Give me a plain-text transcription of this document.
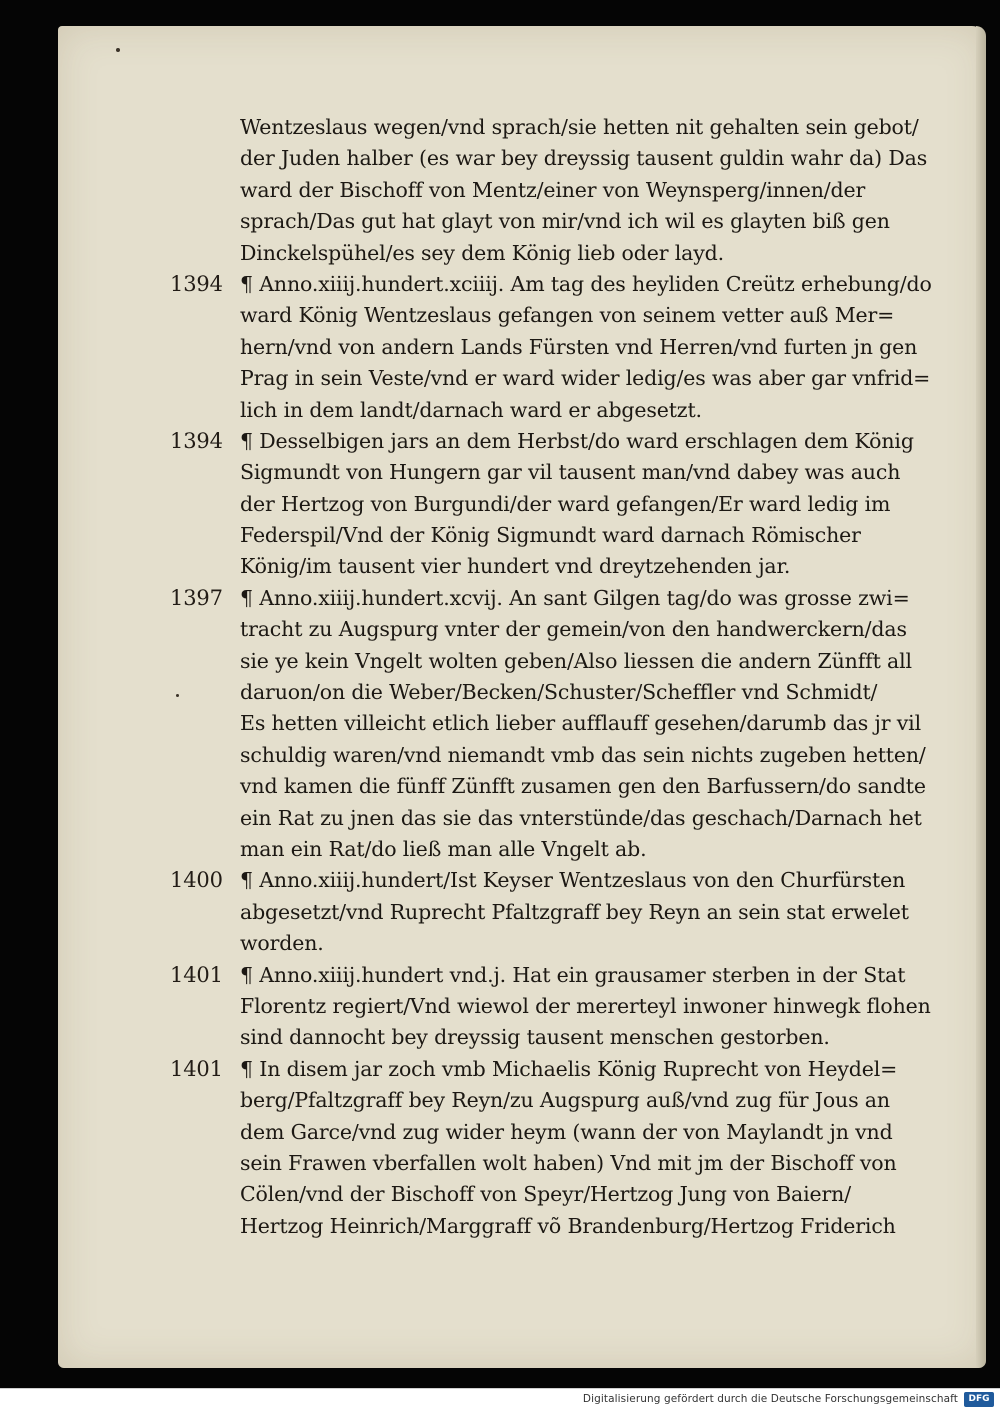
Wentzeslaus wegen/vnd sprach/sie hetten nit gehalten sein gebot/
der Juden halber (es war bey dreyssig tausent guldin wahr da) Das
ward der Bischoff von Mentz/einer von Weynsperg/innen/der
sprach/Das gut hat glayt von mir/vnd ich wil es glayten biß gen
Dinckelspühel/es sey dem König lieb oder layd.
1394 ¶ Anno.xiiij.hundert.xciiij. Am tag des heyliden Creütz erhebung/do
ward König Wentzeslaus gefangen von seinem vetter auß Mer=
hern/vnd von andern Lands Fürsten vnd Herren/vnd furten jn gen
Prag in sein Veste/vnd er ward wider ledig/es was aber gar vnfrid=
lich in dem landt/darnach ward er abgesetzt.
1394 ¶ Desselbigen jars an dem Herbst/do ward erschlagen dem König
Sigmundt von Hungern gar vil tausent man/vnd dabey was auch
der Hertzog von Burgundi/der ward gefangen/Er ward ledig im
Federspil/Vnd der König Sigmundt ward darnach Römischer
König/im tausent vier hundert vnd dreytzehenden jar.
1397 ¶ Anno.xiiij.hundert.xcvij. An sant Gilgen tag/do was grosse zwi=
tracht zu Augspurg vnter der gemein/von den handwerckern/das
sie ye kein Vngelt wolten geben/Also liessen die andern Zünfft all
daruon/on die Weber/Becken/Schuster/Scheffler vnd Schmidt/
Es hetten villeicht etlich lieber aufflauff gesehen/darumb das jr vil
schuldig waren/vnd niemandt vmb das sein nichts zugeben hetten/
vnd kamen die fünff Zünfft zusamen gen den Barfussern/do sandte
ein Rat zu jnen das sie das vnterstünde/das geschach/Darnach het
man ein Rat/do ließ man alle Vngelt ab.
1400 ¶ Anno.xiiij.hundert/Ist Keyser Wentzeslaus von den Churfürsten
abgesetzt/vnd Ruprecht Pfaltzgraff bey Reyn an sein stat erwelet
worden.
1401 ¶ Anno.xiiij.hundert vnd.j. Hat ein grausamer sterben in der Stat
Florentz regiert/Vnd wiewol der mererteyl inwoner hinwegk flohen
sind dannocht bey dreyssig tausent menschen gestorben.
1401 ¶ In disem jar zoch vmb Michaelis König Ruprecht von Heydel=
berg/Pfaltzgraff bey Reyn/zu Augspurg auß/vnd zug für Jous an
dem Garce/vnd zug wider heym (wann der von Maylandt jn vnd
sein Frawen vberfallen wolt haben) Vnd mit jm der Bischoff von
Cölen/vnd der Bischoff von Speyr/Hertzog Jung von Baiern/
Hertzog Heinrich/Marggraff võ Brandenburg/Hertzog Friderich
Digitalisierung gefördert durch die Deutsche Forschungsgemeinschaft	DFG
